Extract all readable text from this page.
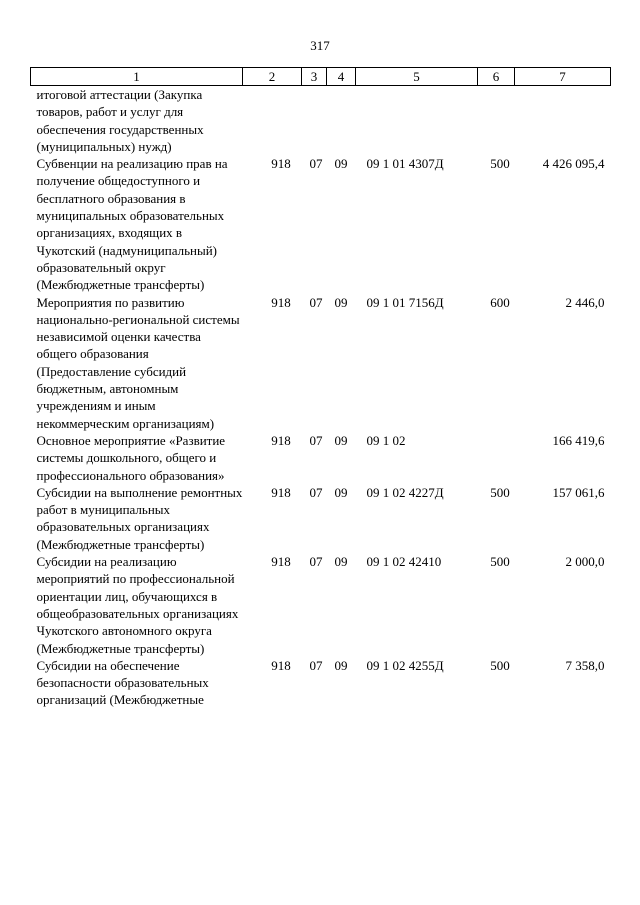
317
1	2	3	4	5	6	7
итоговой аттестации (Закупка товаров, работ и услуг для обеспечения государственных (муниципальных) нужд)						
Субвенции на реализацию прав на получение общедоступного и бесплатного образования в муниципальных образовательных организациях, входящих в Чукотский (надмуниципальный) образовательный округ (Межбюджетные трансферты)	918	07	09	09 1 01 4307Д	500	4 426 095,4
Мероприятия по развитию национально-региональной системы независимой оценки качества общего образования (Предоставление субсидий бюджетным, автономным учреждениям и иным некоммерческим организациям)	918	07	09	09 1 01 7156Д	600	2 446,0
Основное мероприятие «Развитие системы дошкольного, общего и профессионального образования»	918	07	09	09 1 02		166 419,6
Субсидии на выполнение ремонтных работ в муниципальных образовательных организациях (Межбюджетные трансферты)	918	07	09	09 1 02 4227Д	500	157 061,6
Субсидии на реализацию мероприятий по профессиональной ориентации лиц, обучающихся в общеобразовательных организациях Чукотского автономного округа (Межбюджетные трансферты)	918	07	09	09 1 02 42410	500	2 000,0
Субсидии на обеспечение безопасности образовательных организаций (Межбюджетные	918	07	09	09 1 02 4255Д	500	7 358,0
